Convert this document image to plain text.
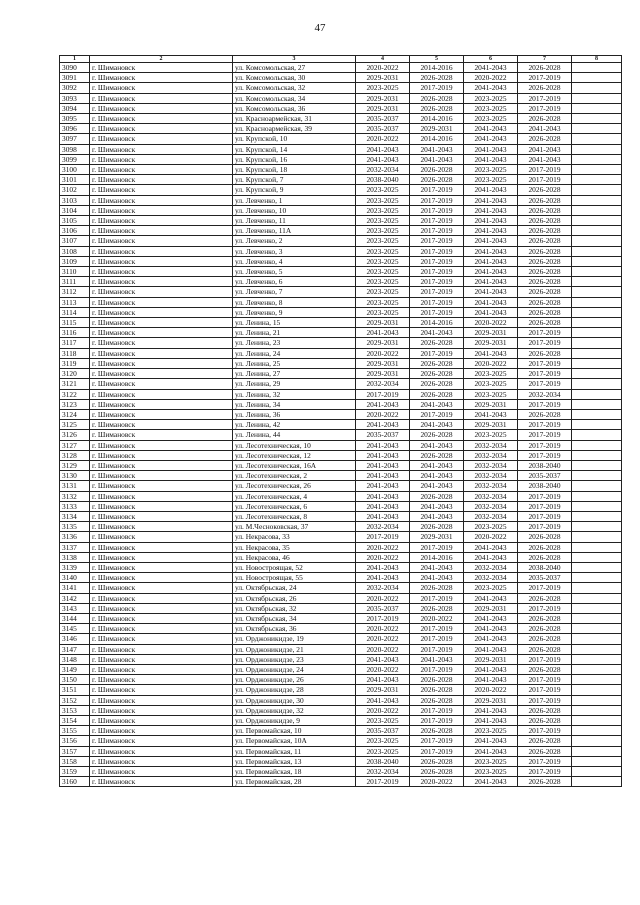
47
1	2	3	4	5	6	7	8
3090	г. Шимановск	ул. Комсомольская, 27	2020-2022	2014-2016	2041-2043	2026-2028	
3091	г. Шимановск	ул. Комсомольская, 30	2029-2031	2026-2028	2020-2022	2017-2019	
3092	г. Шимановск	ул. Комсомольская, 32	2023-2025	2017-2019	2041-2043	2026-2028	
3093	г. Шимановск	ул. Комсомольская, 34	2029-2031	2026-2028	2023-2025	2017-2019	
3094	г. Шимановск	ул. Комсомольская, 36	2029-2031	2026-2028	2023-2025	2017-2019	
3095	г. Шимановск	ул. Красноармейская, 31	2035-2037	2014-2016	2023-2025	2026-2028	
3096	г. Шимановск	ул. Красноармейская, 39	2035-2037	2029-2031	2041-2043	2041-2043	
3097	г. Шимановск	ул. Крупской, 10	2020-2022	2014-2016	2041-2043	2026-2028	
3098	г. Шимановск	ул. Крупской, 14	2041-2043	2041-2043	2041-2043	2041-2043	
3099	г. Шимановск	ул. Крупской, 16	2041-2043	2041-2043	2041-2043	2041-2043	
3100	г. Шимановск	ул. Крупской, 18	2032-2034	2026-2028	2023-2025	2017-2019	
3101	г. Шимановск	ул. Крупской, 7	2038-2040	2026-2028	2023-2025	2017-2019	
3102	г. Шимановск	ул. Крупской, 9	2023-2025	2017-2019	2041-2043	2026-2028	
3103	г. Шимановск	ул. Левченко, 1	2023-2025	2017-2019	2041-2043	2026-2028	
3104	г. Шимановск	ул. Левченко, 10	2023-2025	2017-2019	2041-2043	2026-2028	
3105	г. Шимановск	ул. Левченко, 11	2023-2025	2017-2019	2041-2043	2026-2028	
3106	г. Шимановск	ул. Левченко, 11А	2023-2025	2017-2019	2041-2043	2026-2028	
3107	г. Шимановск	ул. Левченко, 2	2023-2025	2017-2019	2041-2043	2026-2028	
3108	г. Шимановск	ул. Левченко, 3	2023-2025	2017-2019	2041-2043	2026-2028	
3109	г. Шимановск	ул. Левченко, 4	2023-2025	2017-2019	2041-2043	2026-2028	
3110	г. Шимановск	ул. Левченко, 5	2023-2025	2017-2019	2041-2043	2026-2028	
3111	г. Шимановск	ул. Левченко, 6	2023-2025	2017-2019	2041-2043	2026-2028	
3112	г. Шимановск	ул. Левченко, 7	2023-2025	2017-2019	2041-2043	2026-2028	
3113	г. Шимановск	ул. Левченко, 8	2023-2025	2017-2019	2041-2043	2026-2028	
3114	г. Шимановск	ул. Левченко, 9	2023-2025	2017-2019	2041-2043	2026-2028	
3115	г. Шимановск	ул. Ленина, 15	2029-2031	2014-2016	2020-2022	2026-2028	
3116	г. Шимановск	ул. Ленина, 21	2041-2043	2041-2043	2029-2031	2017-2019	
3117	г. Шимановск	ул. Ленина, 23	2029-2031	2026-2028	2029-2031	2017-2019	
3118	г. Шимановск	ул. Ленина, 24	2020-2022	2017-2019	2041-2043	2026-2028	
3119	г. Шимановск	ул. Ленина, 25	2029-2031	2026-2028	2020-2022	2017-2019	
3120	г. Шимановск	ул. Ленина, 27	2029-2031	2026-2028	2023-2025	2017-2019	
3121	г. Шимановск	ул. Ленина, 29	2032-2034	2026-2028	2023-2025	2017-2019	
3122	г. Шимановск	ул. Ленина, 32	2017-2019	2026-2028	2023-2025	2032-2034	
3123	г. Шимановск	ул. Ленина, 34	2041-2043	2041-2043	2029-2031	2017-2019	
3124	г. Шимановск	ул. Ленина, 36	2020-2022	2017-2019	2041-2043	2026-2028	
3125	г. Шимановск	ул. Ленина, 42	2041-2043	2041-2043	2029-2031	2017-2019	
3126	г. Шимановск	ул. Ленина, 44	2035-2037	2026-2028	2023-2025	2017-2019	
3127	г. Шимановск	ул. Лесотехническая, 10	2041-2043	2041-2043	2032-2034	2017-2019	
3128	г. Шимановск	ул. Лесотехническая, 12	2041-2043	2026-2028	2032-2034	2017-2019	
3129	г. Шимановск	ул. Лесотехническая, 16А	2041-2043	2041-2043	2032-2034	2038-2040	
3130	г. Шимановск	ул. Лесотехническая, 2	2041-2043	2041-2043	2032-2034	2035-2037	
3131	г. Шимановск	ул. Лесотехническая, 26	2041-2043	2041-2043	2032-2034	2038-2040	
3132	г. Шимановск	ул. Лесотехническая, 4	2041-2043	2026-2028	2032-2034	2017-2019	
3133	г. Шимановск	ул. Лесотехническая, 6	2041-2043	2041-2043	2032-2034	2017-2019	
3134	г. Шимановск	ул. Лесотехническая, 8	2041-2043	2041-2043	2032-2034	2017-2019	
3135	г. Шимановск	ул. М.Чесноковская, 37	2032-2034	2026-2028	2023-2025	2017-2019	
3136	г. Шимановск	ул. Некрасова, 33	2017-2019	2029-2031	2020-2022	2026-2028	
3137	г. Шимановск	ул. Некрасова, 35	2020-2022	2017-2019	2041-2043	2026-2028	
3138	г. Шимановск	ул. Некрасова, 46	2020-2022	2014-2016	2041-2043	2026-2028	
3139	г. Шимановск	ул. Новостроящая, 52	2041-2043	2041-2043	2032-2034	2038-2040	
3140	г. Шимановск	ул. Новостроящая, 55	2041-2043	2041-2043	2032-2034	2035-2037	
3141	г. Шимановск	ул. Октябрьская, 24	2032-2034	2026-2028	2023-2025	2017-2019	
3142	г. Шимановск	ул. Октябрьская, 26	2020-2022	2017-2019	2041-2043	2026-2028	
3143	г. Шимановск	ул. Октябрьская, 32	2035-2037	2026-2028	2029-2031	2017-2019	
3144	г. Шимановск	ул. Октябрьская, 34	2017-2019	2020-2022	2041-2043	2026-2028	
3145	г. Шимановск	ул. Октябрьская, 36	2020-2022	2017-2019	2041-2043	2026-2028	
3146	г. Шимановск	ул. Орджоникидзе, 19	2020-2022	2017-2019	2041-2043	2026-2028	
3147	г. Шимановск	ул. Орджоникидзе, 21	2020-2022	2017-2019	2041-2043	2026-2028	
3148	г. Шимановск	ул. Орджоникидзе, 23	2041-2043	2041-2043	2029-2031	2017-2019	
3149	г. Шимановск	ул. Орджоникидзе, 24	2020-2022	2017-2019	2041-2043	2026-2028	
3150	г. Шимановск	ул. Орджоникидзе, 26	2041-2043	2026-2028	2041-2043	2017-2019	
3151	г. Шимановск	ул. Орджоникидзе, 28	2029-2031	2026-2028	2020-2022	2017-2019	
3152	г. Шимановск	ул. Орджоникидзе, 30	2041-2043	2026-2028	2029-2031	2017-2019	
3153	г. Шимановск	ул. Орджоникидзе, 32	2020-2022	2017-2019	2041-2043	2026-2028	
3154	г. Шимановск	ул. Орджоникидзе, 9	2023-2025	2017-2019	2041-2043	2026-2028	
3155	г. Шимановск	ул. Первомайская, 10	2035-2037	2026-2028	2023-2025	2017-2019	
3156	г. Шимановск	ул. Первомайская, 10А	2023-2025	2017-2019	2041-2043	2026-2028	
3157	г. Шимановск	ул. Первомайская, 11	2023-2025	2017-2019	2041-2043	2026-2028	
3158	г. Шимановск	ул. Первомайская, 13	2038-2040	2026-2028	2023-2025	2017-2019	
3159	г. Шимановск	ул. Первомайская, 18	2032-2034	2026-2028	2023-2025	2017-2019	
3160	г. Шимановск	ул. Первомайская, 28	2017-2019	2020-2022	2041-2043	2026-2028	
